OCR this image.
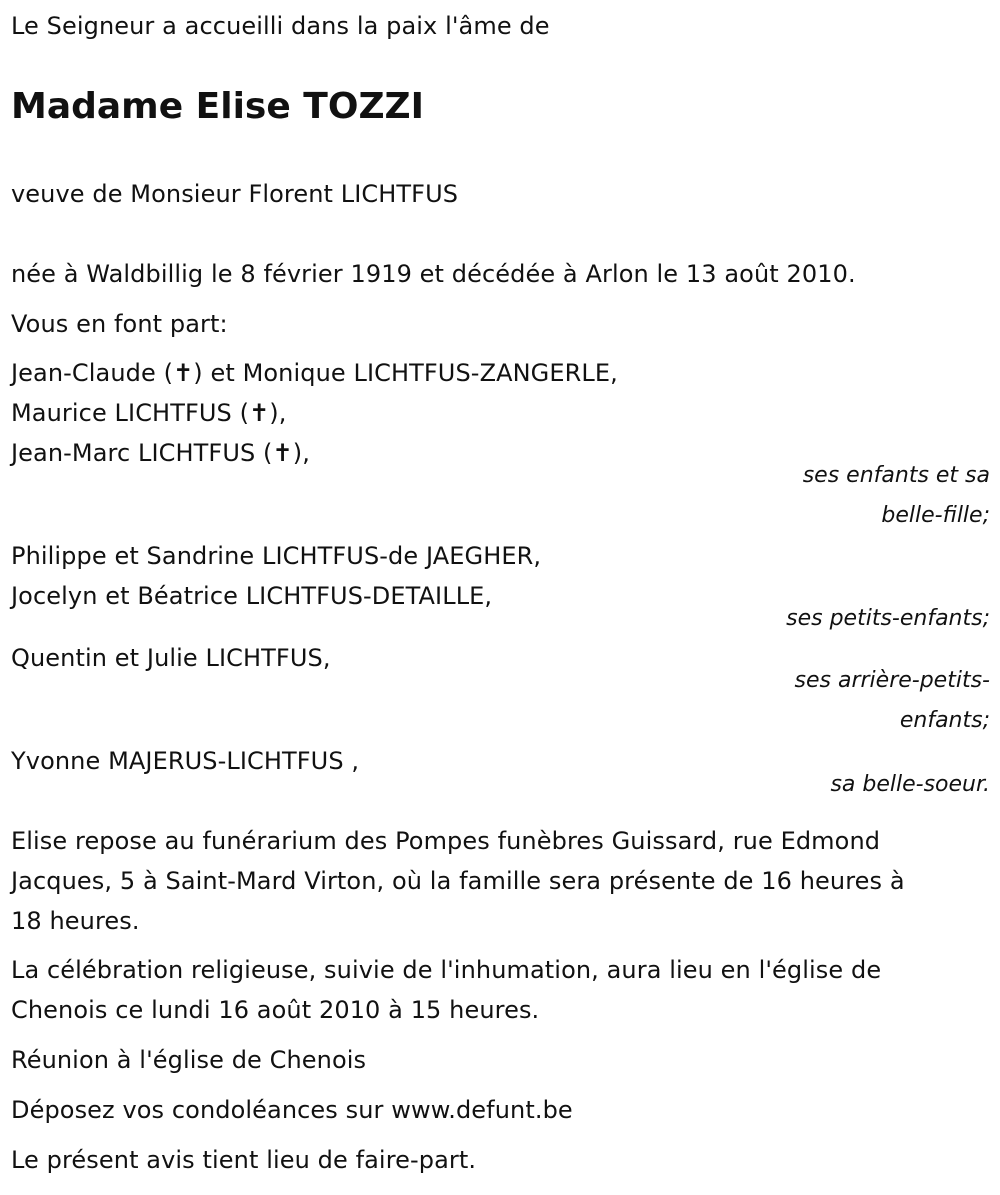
Le Seigneur a accueilli dans la paix l'âme de
Madame Elise TOZZI
veuve de Monsieur Florent LICHTFUS
née à Waldbillig le 8 février 1919 et décédée à Arlon le 13 août 2010.
Vous en font part:
Jean-Claude (✝) et Monique LICHTFUS-ZANGERLE,
Maurice LICHTFUS (✝),
Jean-Marc LICHTFUS (✝),
ses enfants et sa
belle-fille;
Philippe et Sandrine LICHTFUS-de JAEGHER,
Jocelyn et Béatrice LICHTFUS-DETAILLE,
ses petits-enfants;
Quentin et Julie LICHTFUS,
ses arrière-petits-
enfants;
Yvonne MAJERUS-LICHTFUS ,
sa belle-soeur.
Elise repose au funérarium des Pompes funèbres Guissard, rue Edmond
Jacques, 5 à Saint-Mard Virton, où la famille sera présente de 16 heures à
18 heures.
La célébration religieuse, suivie de l'inhumation, aura lieu en l'église de
Chenois ce lundi 16 août 2010 à 15 heures.
Réunion à l'église de Chenois
Déposez vos condoléances sur www.defunt.be
Le présent avis tient lieu de faire-part.
